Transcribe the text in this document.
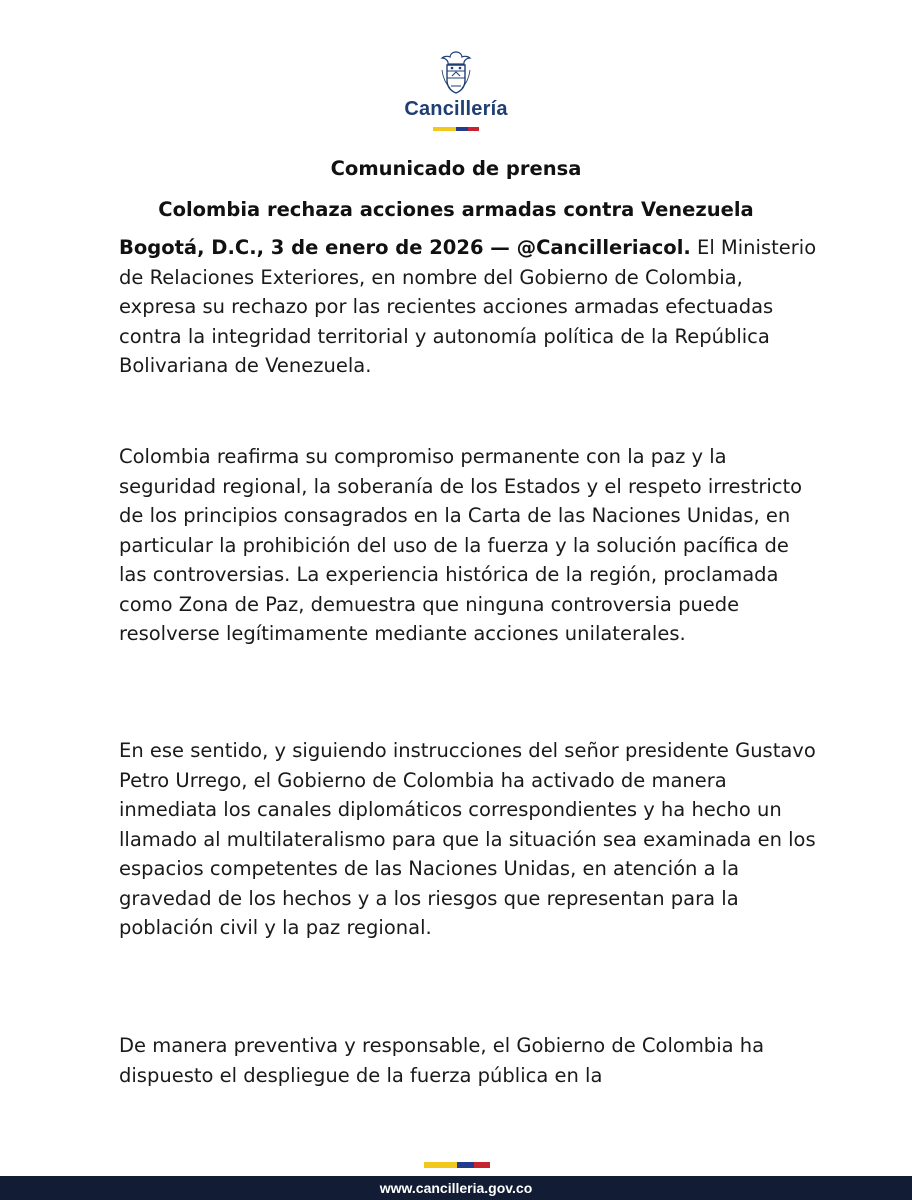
Cancillería
Comunicado de prensa
Colombia rechaza acciones armadas contra Venezuela

Bogotá, D.C., 3 de enero de 2026 — @Cancilleriacol. El Ministerio de Relaciones Exteriores, en nombre del Gobierno de Colombia, expresa su rechazo por las recientes acciones armadas efectuadas contra la integridad territorial y autonomía política de la República Bolivariana de Venezuela.

Colombia reafirma su compromiso permanente con la paz y la seguridad regional, la soberanía de los Estados y el respeto irrestricto de los principios consagrados en la Carta de las Naciones Unidas, en particular la prohibición del uso de la fuerza y la solución pacífica de las controversias. La experiencia histórica de la región, proclamada como Zona de Paz, demuestra que ninguna controversia puede resolverse legítimamente mediante acciones unilaterales.

En ese sentido, y siguiendo instrucciones del señor presidente Gustavo Petro Urrego, el Gobierno de Colombia ha activado de manera inmediata los canales diplomáticos correspondientes y ha hecho un llamado al multilateralismo para que la situación sea examinada en los espacios competentes de las Naciones Unidas, en atención a la gravedad de los hechos y a los riesgos que representan para la población civil y la paz regional.

De manera preventiva y responsable, el Gobierno de Colombia ha dispuesto el despliegue de la fuerza pública en la

www.cancilleria.gov.co
